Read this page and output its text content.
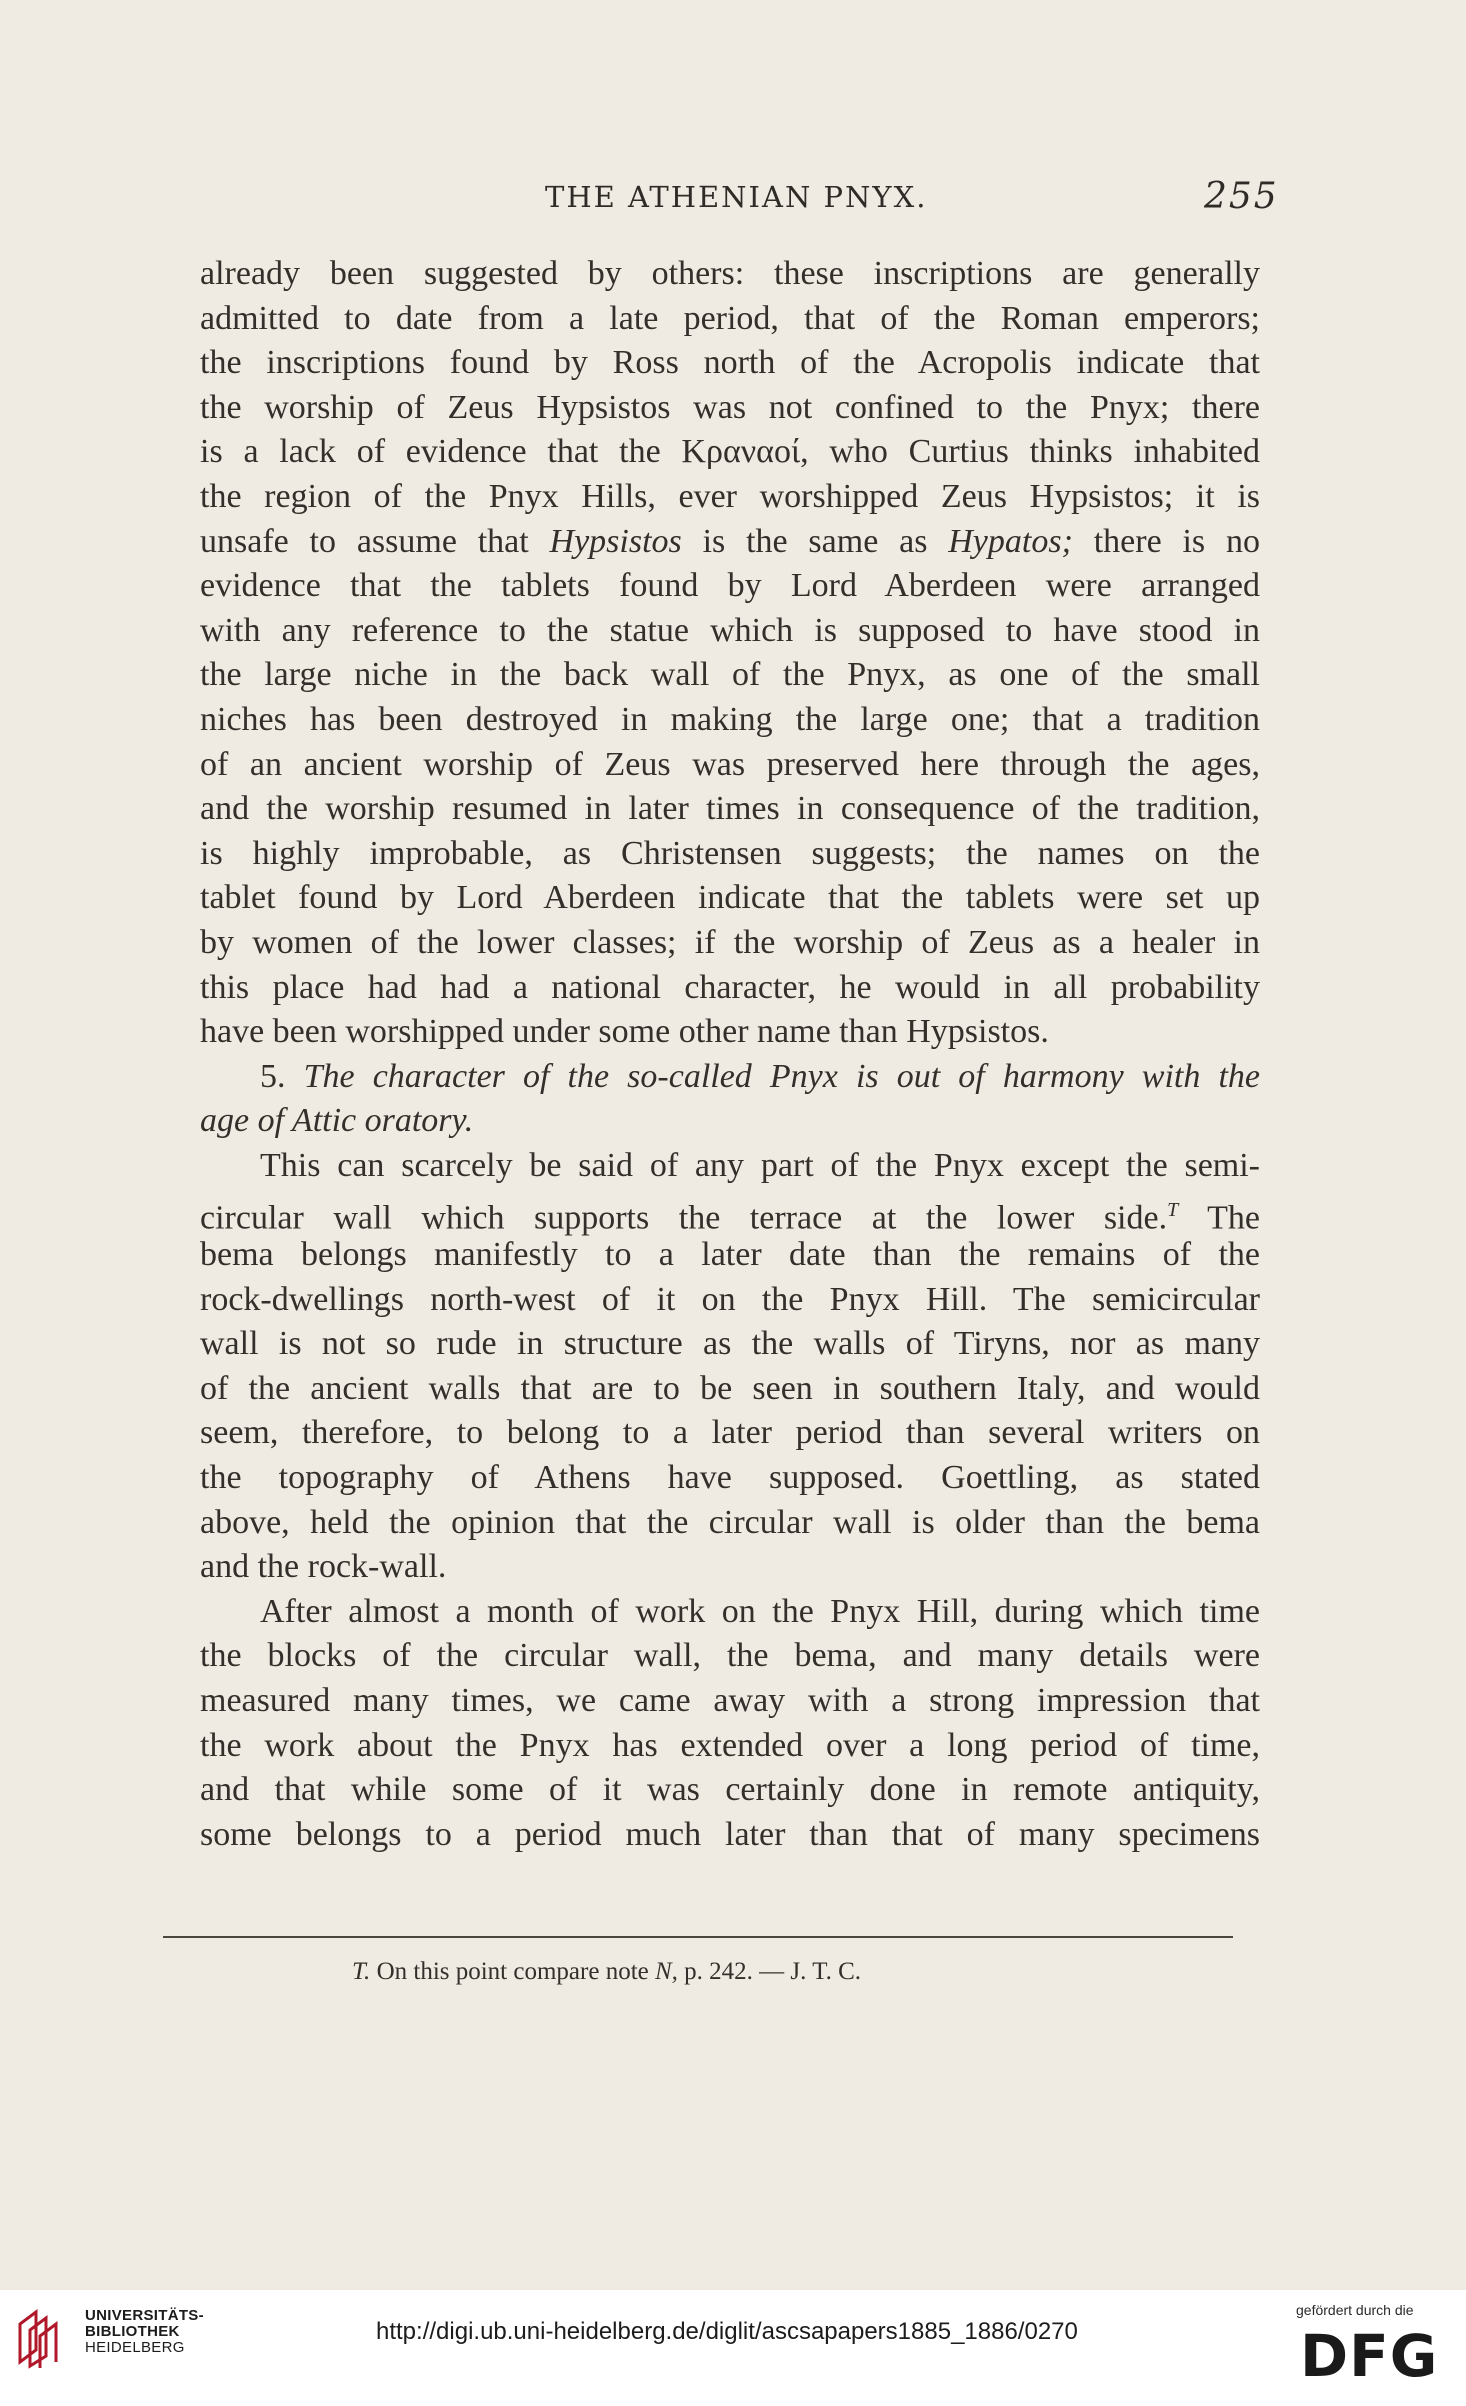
THE ATHENIAN PNYX.	255
already been suggested by others: these inscriptions are generally
admitted to date from a late period, that of the Roman emperors;
the inscriptions found by Ross north of the Acropolis indicate that
the worship of Zeus Hypsistos was not confined to the Pnyx; there
is a lack of evidence that the Κραναοί, who Curtius thinks inhabited
the region of the Pnyx Hills, ever worshipped Zeus Hypsistos; it is
unsafe to assume that Hypsistos is the same as Hypatos; there is no
evidence that the tablets found by Lord Aberdeen were arranged
with any reference to the statue which is supposed to have stood in
the large niche in the back wall of the Pnyx, as one of the small
niches has been destroyed in making the large one; that a tradition
of an ancient worship of Zeus was preserved here through the ages,
and the worship resumed in later times in consequence of the tradition,
is highly improbable, as Christensen suggests; the names on the
tablet found by Lord Aberdeen indicate that the tablets were set up
by women of the lower classes; if the worship of Zeus as a healer in
this place had had a national character, he would in all probability
have been worshipped under some other name than Hypsistos.
5. The character of the so-called Pnyx is out of harmony with the
age of Attic oratory.
This can scarcely be said of any part of the Pnyx except the semi-
circular wall which supports the terrace at the lower side.$^T$ The
bema belongs manifestly to a later date than the remains of the
rock-dwellings north-west of it on the Pnyx Hill. The semicircular
wall is not so rude in structure as the walls of Tiryns, nor as many
of the ancient walls that are to be seen in southern Italy, and would
seem, therefore, to belong to a later period than several writers on
the topography of Athens have supposed. Goettling, as stated
above, held the opinion that the circular wall is older than the bema
and the rock-wall.
After almost a month of work on the Pnyx Hill, during which time
the blocks of the circular wall, the bema, and many details were
measured many times, we came away with a strong impression that
the work about the Pnyx has extended over a long period of time,
and that while some of it was certainly done in remote antiquity,
some belongs to a period much later than that of many specimens
T. On this point compare note N, p. 242. — J. T. C.
UNIVERSITÄTS-
BIBLIOTHEK
HEIDELBERG
http://digi.ub.uni-heidelberg.de/diglit/ascsapapers1885_1886/0270
gefördert durch die
DFG
